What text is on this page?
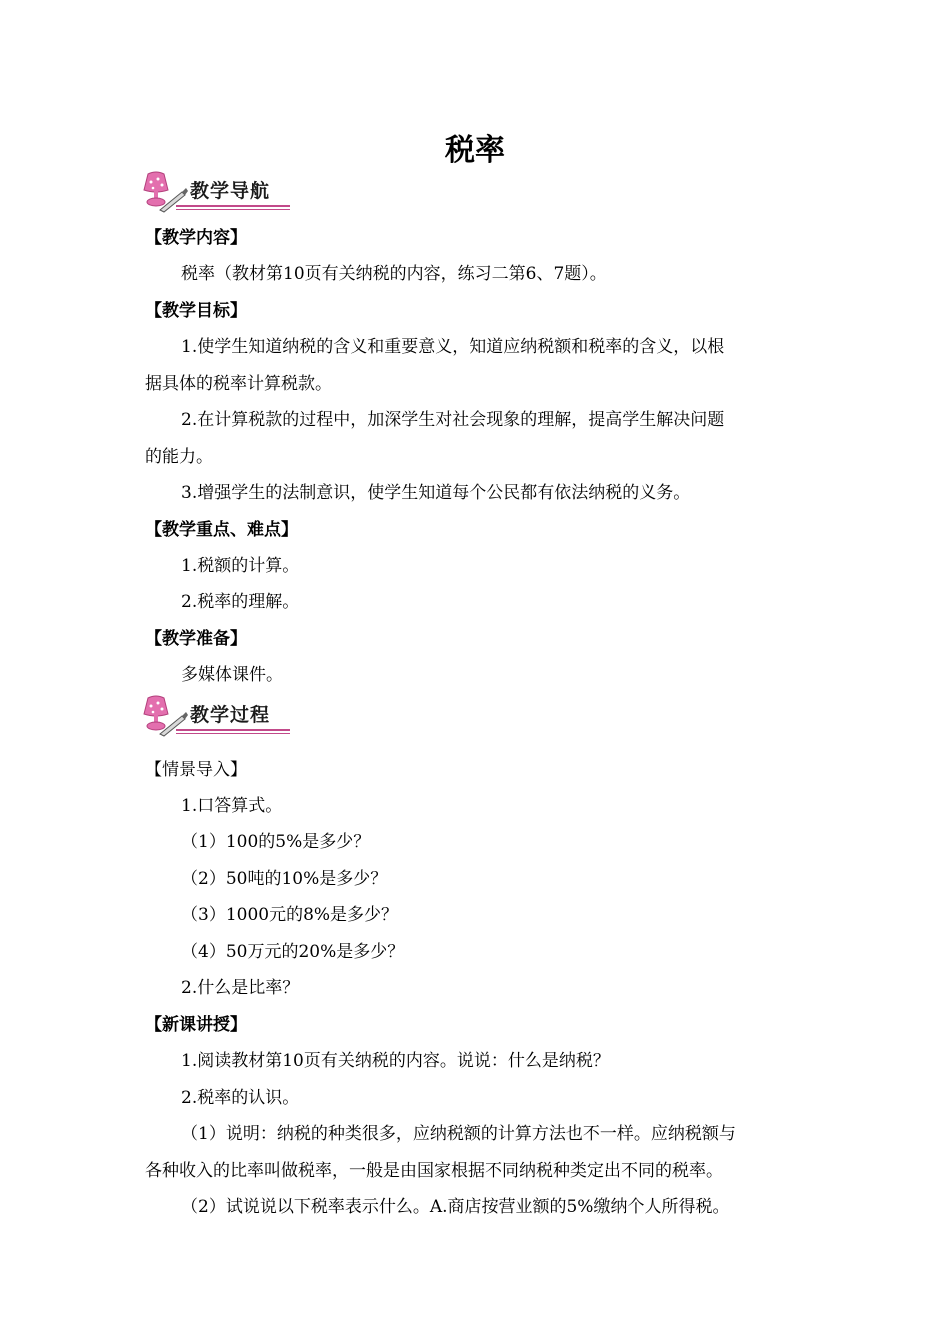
税率
教学导航
【教学内容】
税率（教材第10页有关纳税的内容，练习二第6、7题）。
【教学目标】
1.使学生知道纳税的含义和重要意义，知道应纳税额和税率的含义，以根
据具体的税率计算税款。
2.在计算税款的过程中，加深学生对社会现象的理解，提高学生解决问题
的能力。
3.增强学生的法制意识，使学生知道每个公民都有依法纳税的义务。
【教学重点、难点】
1.税额的计算。
2.税率的理解。
【教学准备】
多媒体课件。
教学过程
【情景导入】
1.口答算式。
（1）100的5%是多少？
（2）50吨的10%是多少？
（3）1000元的8%是多少？
（4）50万元的20%是多少？
2.什么是比率？
【新课讲授】
1.阅读教材第10页有关纳税的内容。说说：什么是纳税？
2.税率的认识。
（1）说明：纳税的种类很多，应纳税额的计算方法也不一样。应纳税额与
各种收入的比率叫做税率，一般是由国家根据不同纳税种类定出不同的税率。
（2）试说说以下税率表示什么。A.商店按营业额的5%缴纳个人所得税。
